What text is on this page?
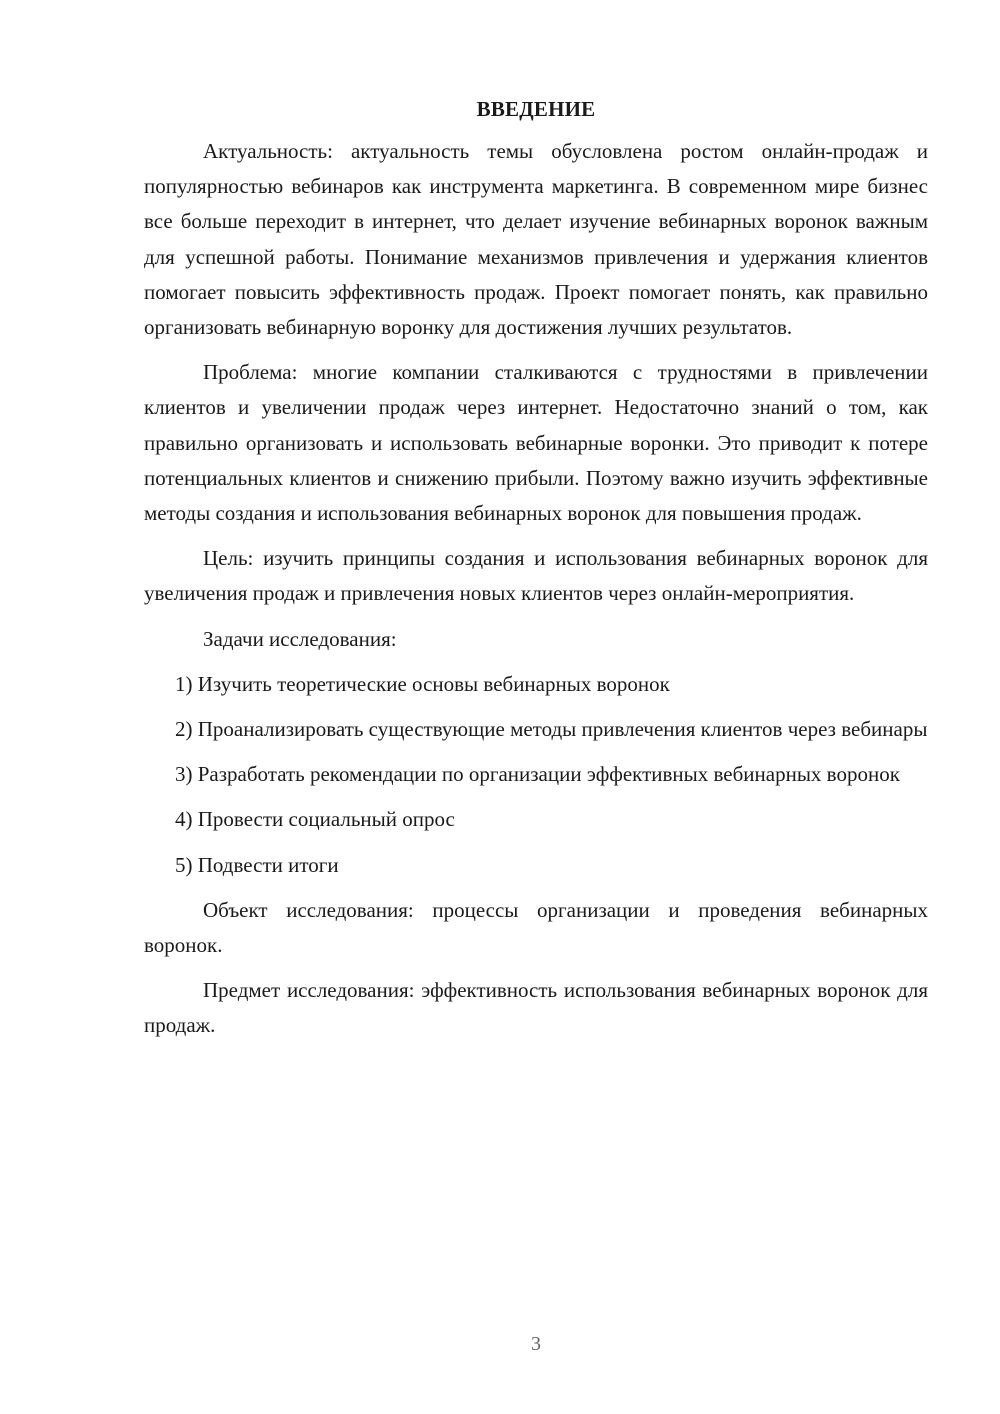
ВВЕДЕНИЕ

Актуальность: актуальность темы обусловлена ростом онлайн-продаж и популярностью вебинаров как инструмента маркетинга. В современном мире бизнес все больше переходит в интернет, что делает изучение вебинарных воронок важным для успешной работы. Понимание механизмов привлечения и удержания клиентов помогает повысить эффективность продаж. Проект помогает понять, как правильно организовать вебинарную воронку для достижения лучших результатов.

Проблема: многие компании сталкиваются с трудностями в привлечении клиентов и увеличении продаж через интернет. Недостаточно знаний о том, как правильно организовать и использовать вебинарные воронки. Это приводит к потере потенциальных клиентов и снижению прибыли. Поэтому важно изучить эффективные методы создания и использования вебинарных воронок для повышения продаж.

Цель: изучить принципы создания и использования вебинарных воронок для увеличения продаж и привлечения новых клиентов через онлайн-мероприятия.

Задачи исследования:

1) Изучить теоретические основы вебинарных воронок

2) Проанализировать существующие методы привлечения клиентов через вебинары

3) Разработать рекомендации по организации эффективных вебинарных воронок

4) Провести социальный опрос

5) Подвести итоги

Объект исследования: процессы организации и проведения вебинарных воронок.

Предмет исследования: эффективность использования вебинарных воронок для продаж.

3
